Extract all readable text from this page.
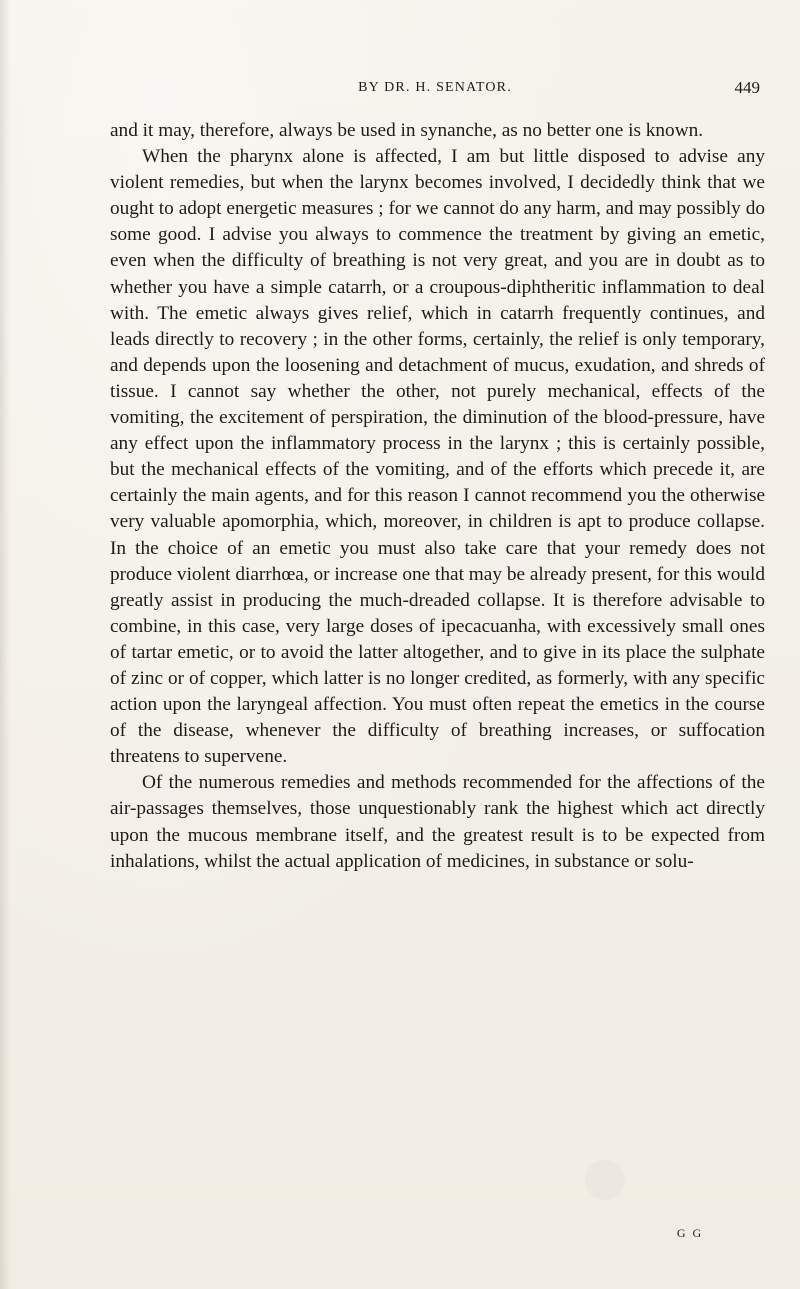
BY DR. H. SENATOR.	449

and it may, therefore, always be used in synanche, as no better one is known.

When the pharynx alone is affected, I am but little disposed to advise any violent remedies, but when the larynx becomes involved, I decidedly think that we ought to adopt energetic measures ; for we cannot do any harm, and may possibly do some good. I advise you always to commence the treatment by giving an emetic, even when the difficulty of breathing is not very great, and you are in doubt as to whether you have a simple catarrh, or a croupous-diphtheritic inflammation to deal with. The emetic always gives relief, which in catarrh frequently continues, and leads directly to recovery ; in the other forms, certainly, the relief is only temporary, and depends upon the loosening and detachment of mucus, exudation, and shreds of tissue. I cannot say whether the other, not purely mechanical, effects of the vomiting, the excitement of perspiration, the diminution of the blood-pressure, have any effect upon the inflammatory process in the larynx ; this is certainly possible, but the mechanical effects of the vomiting, and of the efforts which precede it, are certainly the main agents, and for this reason I cannot recommend you the otherwise very valuable apomorphia, which, moreover, in children is apt to produce collapse. In the choice of an emetic you must also take care that your remedy does not produce violent diarrhœa, or increase one that may be already present, for this would greatly assist in producing the much-dreaded collapse. It is therefore advisable to combine, in this case, very large doses of ipecacuanha, with excessively small ones of tartar emetic, or to avoid the latter altogether, and to give in its place the sulphate of zinc or of copper, which latter is no longer credited, as formerly, with any specific action upon the laryngeal affection. You must often repeat the emetics in the course of the disease, whenever the difficulty of breathing increases, or suffocation threatens to supervene.

Of the numerous remedies and methods recommended for the affections of the air-passages themselves, those unquestionably rank the highest which act directly upon the mucous membrane itself, and the greatest result is to be expected from inhalations, whilst the actual application of medicines, in substance or solu-

G G
